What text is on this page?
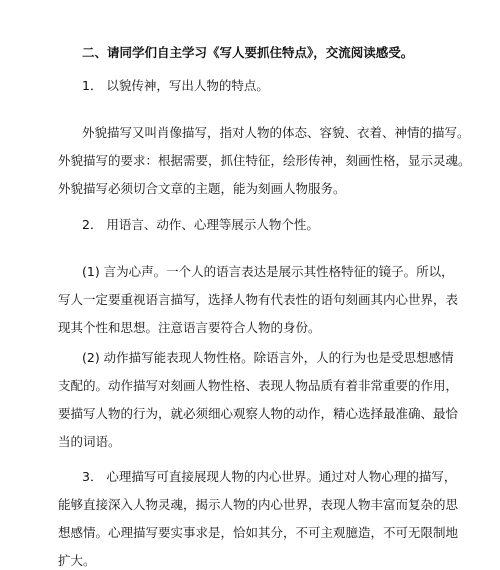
二、请同学们自主学习《写人要抓住特点》，交流阅读感受。
1． 以貌传神，写出人物的特点。
外貌描写又叫肖像描写，指对人物的体态、容貌、衣着、神情的描写。
外貌描写的要求：根据需要，抓住特征，绘形传神，刻画性格，显示灵魂。
外貌描写必须切合文章的主题，能为刻画人物服务。
2． 用语言、动作、心理等展示人物个性。
(1) 言为心声。一个人的语言表达是展示其性格特征的镜子。所以，
写人一定要重视语言描写，选择人物有代表性的语句刻画其内心世界，表
现其个性和思想。注意语言要符合人物的身份。
(2) 动作描写能表现人物性格。除语言外，人的行为也是受思想感情
支配的。动作描写对刻画人物性格、表现人物品质有着非常重要的作用，
要描写人物的行为，就必须细心观察人物的动作，精心选择最准确、最恰
当的词语。
3． 心理描写可直接展现人物的内心世界。通过对人物心理的描写，
能够直接深入人物灵魂，揭示人物的内心世界，表现人物丰富而复杂的思
想感情。心理描写要实事求是，恰如其分，不可主观臆造，不可无限制地
扩大。
